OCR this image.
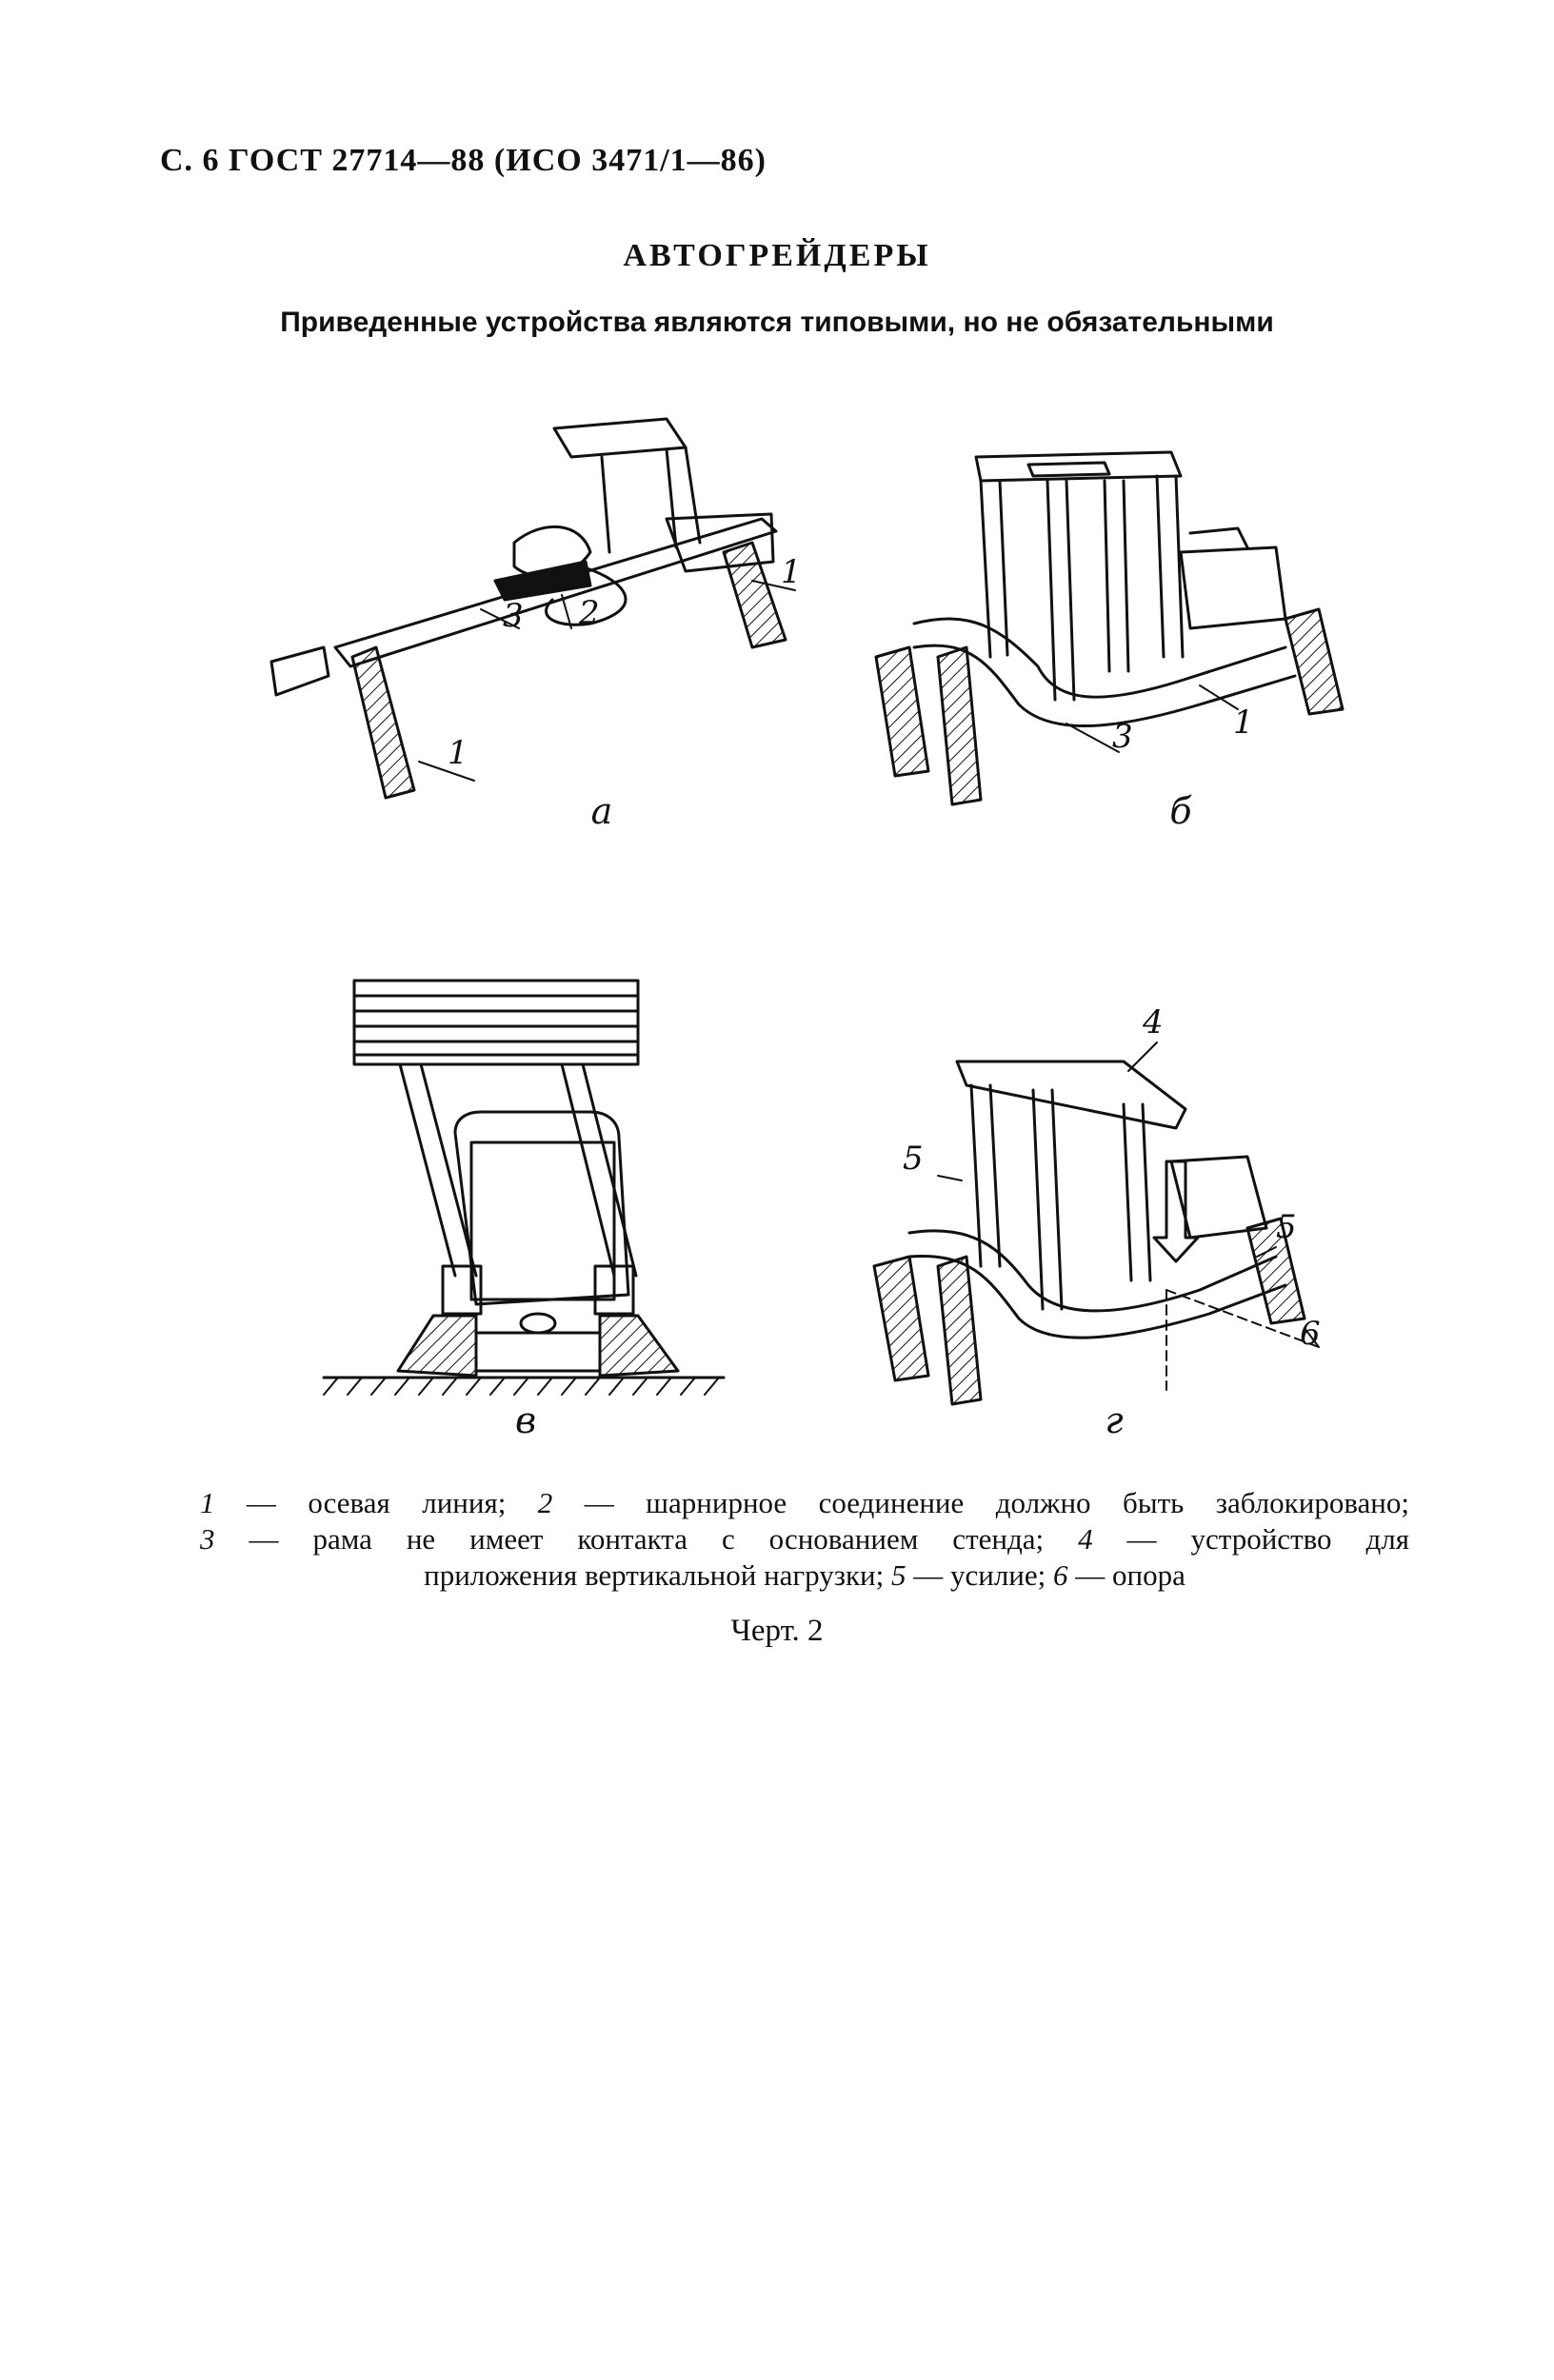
С. 6 ГОСТ 27714—88 (ИСО 3471/1—86)
АВТОГРЕЙДЕРЫ
Приведенные устройства являются типовыми, но не обязательными
1
1
3 2
3	1
4
5
5
6
а	б
в	г
1 — осевая линия; 2 — шарнирное соединение должно быть заблокировано;
3 — рама не имеет контакта с основанием стенда; 4 — устройство для
приложения вертикальной нагрузки; 5 — усилие; 6 — опора
Черт. 2
